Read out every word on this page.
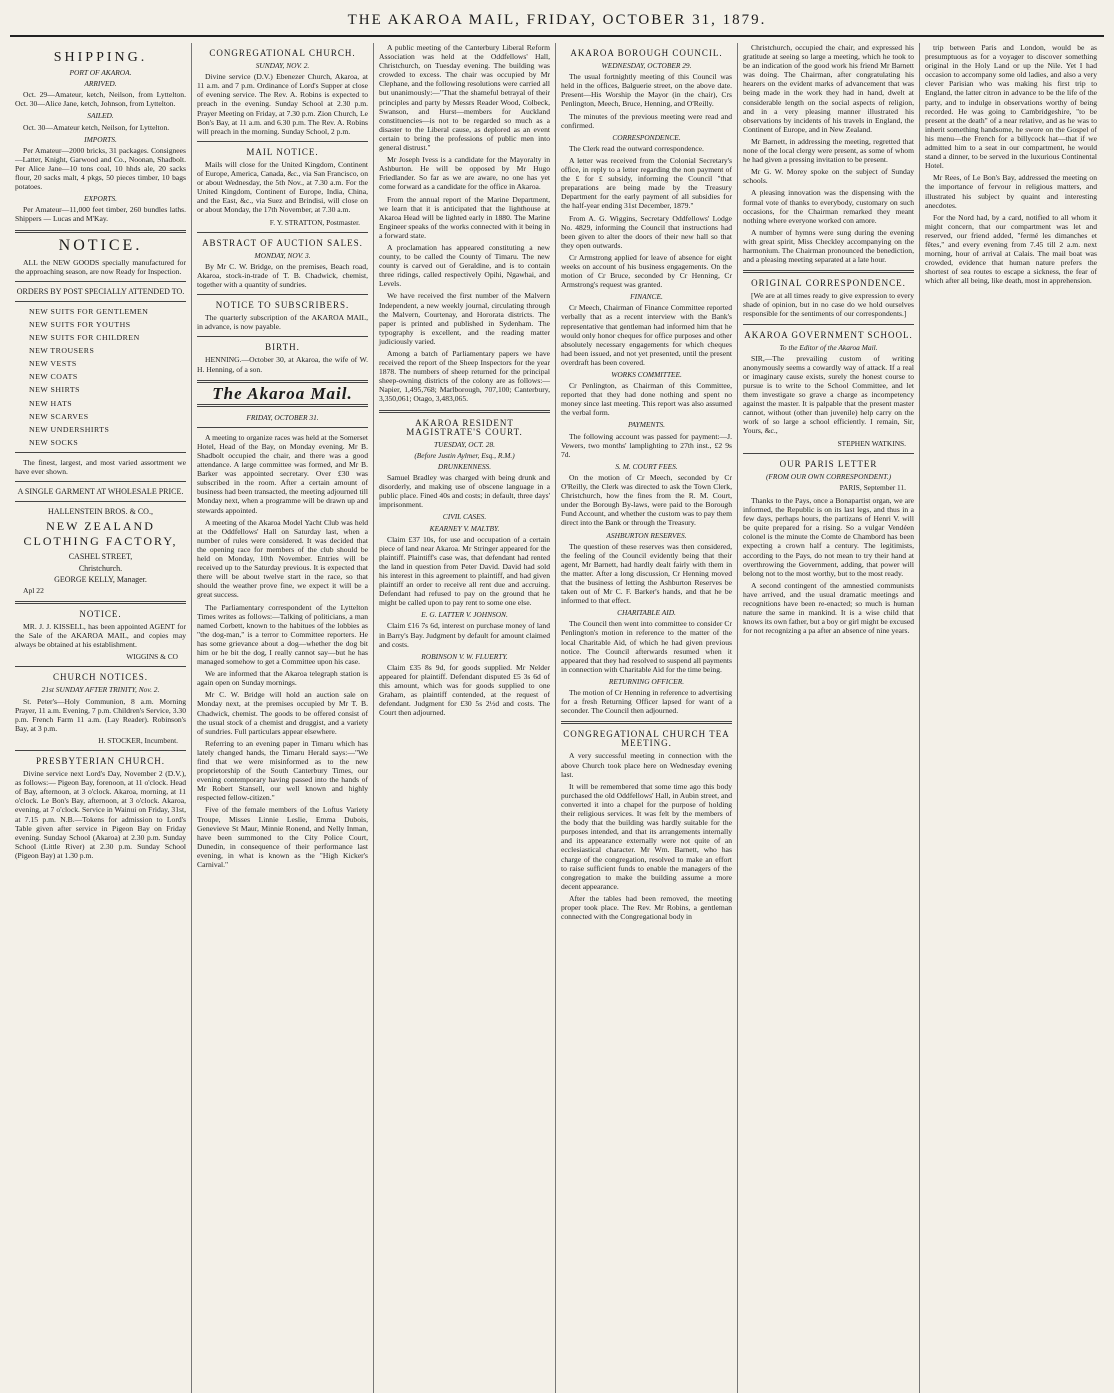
THE AKAROA MAIL, FRIDAY, OCTOBER 31, 1879.
SHIPPING.
PORT OF AKAROA.
ARRIVED.
Oct. 29—Amateur, ketch, Neilson, from Lyttelton. Oct. 30—Alice Jane, ketch, Johnson, from Lyttelton.
SAILED.
Oct. 30—Amateur ketch, Neilson, for Lyttelton.
IMPORTS.
Per Amateur—2000 bricks, 31 packages. Consignees—Latter, Knight, Garwood and Co., Noonan, Shadbolt. Per Alice Jane—10 tons coal, 10 hhds ale, 20 sacks flour, 20 sacks malt, 4 pkgs, 50 pieces timber, 10 bags potatoes.
EXPORTS.
Per Amateur—11,000 feet timber, 260 bundles laths. Shippers — Lucas and M'Kay.
NOTICE.
ALL the NEW GOODS specially manufactured for the approaching season, are now Ready for Inspection.
ORDERS BY POST SPECIALLY ATTENDED TO.
NEW SUITS FOR GENTLEMEN
NEW SUITS FOR YOUTHS
NEW SUITS FOR CHILDREN
NEW TROUSERS
NEW VESTS
NEW COATS
NEW SHIRTS
NEW HATS
NEW SCARVES
NEW UNDERSHIRTS
NEW SOCKS
The finest, largest, and most varied assortment we have ever shown.
A SINGLE GARMENT AT WHOLESALE PRICE.
HALLENSTEIN BROS. & CO.,
NEW ZEALAND
CLOTHING FACTORY,
CASHEL STREET,
Christchurch.
GEORGE KELLY, Manager.
Apl 22
NOTICE.
MR. J. J. KISSELL, has been appointed AGENT for the Sale of the AKAROA MAIL, and copies may always be obtained at his establishment.
WIGGINS & CO
CHURCH NOTICES.
21st SUNDAY AFTER TRINITY, Nov. 2.
St. Peter's—Holy Communion, 8 a.m. Morning Prayer, 11 a.m. Evening, 7 p.m. Children's Service, 3.30 p.m. French Farm 11 a.m. (Lay Reader). Robinson's Bay, at 3 p.m.
H. STOCKER, Incumbent.
PRESBYTERIAN CHURCH.
Divine service next Lord's Day, November 2 (D.V.), as follows:— Pigeon Bay, forenoon, at 11 o'clock. Head of Bay, afternoon, at 3 o'clock. Akaroa, morning, at 11 o'clock. Le Bon's Bay, afternoon, at 3 o'clock. Akaroa, evening, at 7 o'clock. Service in Wainui on Friday, 31st, at 7.15 p.m. N.B.—Tokens for admission to Lord's Table given after service in Pigeon Bay on Friday evening. Sunday School (Akaroa) at 2.30 p.m. Sunday School (Little River) at 2.30 p.m. Sunday School (Pigeon Bay) at 1.30 p.m.
CONGREGATIONAL CHURCH.
SUNDAY, NOV. 2.
Divine service (D.V.) Ebenezer Church, Akaroa, at 11 a.m. and 7 p.m. Ordinance of Lord's Supper at close of evening service. The Rev. A. Robins is expected to preach in the evening. Sunday School at 2.30 p.m. Prayer Meeting on Friday, at 7.30 p.m. Zion Church, Le Bon's Bay, at 11 a.m. and 6.30 p.m. The Rev. A. Robins will preach in the morning. Sunday School, 2 p.m.
MAIL NOTICE.
Mails will close for the United Kingdom, Continent of Europe, America, Canada, &c., via San Francisco, on or about Wednesday, the 5th Nov., at 7.30 a.m. For the United Kingdom, Continent of Europe, India, China, and the East, &c., via Suez and Brindisi, will close on or about Monday, the 17th November, at 7.30 a.m.
F. Y. STRATTON, Postmaster.
ABSTRACT OF AUCTION SALES.
MONDAY, NOV. 3.
By Mr C. W. Bridge, on the premises, Beach road, Akaroa, stock-in-trade of T. B. Chadwick, chemist, together with a quantity of sundries.
NOTICE TO SUBSCRIBERS.
The quarterly subscription of the AKAROA MAIL, in advance, is now payable.
BIRTH.
HENNING.—October 30, at Akaroa, the wife of W. H. Henning, of a son.
The Akaroa Mail.
FRIDAY, OCTOBER 31.
A meeting to organize races was held at the Somerset Hotel, Head of the Bay, on Monday evening. Mr B. Shadbolt occupied the chair, and there was a good attendance. A large committee was formed, and Mr B. Barker was appointed secretary. Over £30 was subscribed in the room. After a certain amount of business had been transacted, the meeting adjourned till Monday next, when a programme will be drawn up and stewards appointed.
A meeting of the Akaroa Model Yacht Club was held at the Oddfellows' Hall on Saturday last, when a number of rules were considered. It was decided that the opening race for members of the club should be held on Monday, 10th November. Entries will be received up to the Saturday previous. It is expected that there will be about twelve start in the race, so that should the weather prove fine, we expect it will be a great success.
The Parliamentary correspondent of the Lyttelton Times writes as follows:—Talking of politicians, a man named Corbett, known to the habitues of the lobbies as "the dog-man," is a terror to Committee reporters. He has some grievance about a dog—whether the dog bit him or he bit the dog, I really cannot say—but he has managed somehow to get a Committee upon his case.
We are informed that the Akaroa telegraph station is again open on Sunday mornings.
Mr C. W. Bridge will hold an auction sale on Monday next, at the premises occupied by Mr T. B. Chadwick, chemist. The goods to be offered consist of the usual stock of a chemist and druggist, and a variety of sundries. Full particulars appear elsewhere.
Referring to an evening paper in Timaru which has lately changed hands, the Timaru Herald says:—"We find that we were misinformed as to the new proprietorship of the South Canterbury Times, our evening contemporary having passed into the hands of Mr Robert Stansell, our well known and highly respected fellow-citizen."
Five of the female members of the Loftus Variety Troupe, Misses Linnie Leslie, Emma Dubois, Genevieve St Maur, Minnie Ronend, and Nelly Inman, have been summoned to the City Police Court, Dunedin, in consequence of their performance last evening, in what is known as the "High Kicker's Carnival."
A public meeting of the Canterbury Liberal Reform Association was held at the Oddfellows' Hall, Christchurch, on Tuesday evening. The building was crowded to excess. The chair was occupied by Mr Clephane, and the following resolutions were carried all but unanimously:—"That the shameful betrayal of their principles and party by Messrs Reader Wood, Colbeck, Swanson, and Hurst—members for Auckland constituencies—is not to be regarded so much as a disaster to the Liberal cause, as deplored as an event certain to bring the professions of public men into general distrust."
Mr Joseph Ivess is a candidate for the Mayoralty in Ashburton. He will be opposed by Mr Hugo Friedlander. So far as we are aware, no one has yet come forward as a candidate for the office in Akaroa.
From the annual report of the Marine Department, we learn that it is anticipated that the lighthouse at Akaroa Head will be lighted early in 1880. The Marine Engineer speaks of the works connected with it being in a forward state.
A proclamation has appeared constituting a new county, to be called the County of Timaru. The new county is carved out of Geraldine, and is to contain three ridings, called respectively Opihi, Ngawhai, and Levels.
We have received the first number of the Malvern Independent, a new weekly journal, circulating through the Malvern, Courtenay, and Hororata districts. The paper is printed and published in Sydenham. The typography is excellent, and the reading matter judiciously varied.
Among a batch of Parliamentary papers we have received the report of the Sheep Inspectors for the year 1878. The numbers of sheep returned for the principal sheep-owning districts of the colony are as follows:—Napier, 1,495,768; Marlborough, 707,100; Canterbury, 3,350,061; Otago, 3,483,065.
AKAROA RESIDENT MAGISTRATE'S COURT.
TUESDAY, OCT. 28.
(Before Justin Aylmer, Esq., R.M.)
DRUNKENNESS.
Samuel Bradley was charged with being drunk and disorderly, and making use of obscene language in a public place. Fined 40s and costs; in default, three days' imprisonment.
CIVIL CASES.
KEARNEY V. MALTBY.
Claim £37 10s, for use and occupation of a certain piece of land near Akaroa. Mr Stringer appeared for the plaintiff. Plaintiff's case was, that defendant had rented the land in question from Peter David. David had sold his interest in this agreement to plaintiff, and had given plaintiff an order to receive all rent due and accruing. Defendant had refused to pay on the ground that he might be called upon to pay rent to some one else.
E. G. LATTER V. JOHNSON.
Claim £16 7s 6d, interest on purchase money of land in Barry's Bay. Judgment by default for amount claimed and costs.
ROBINSON V. W. FLUERTY.
Claim £35 8s 9d, for goods supplied. Mr Nelder appeared for plaintiff. Defendant disputed £5 3s 6d of this amount, which was for goods supplied to one Graham, as plaintiff contended, at the request of defendant. Judgment for £30 5s 2½d and costs. The Court then adjourned.
AKAROA BOROUGH COUNCIL.
WEDNESDAY, OCTOBER 29.
The usual fortnightly meeting of this Council was held in the offices, Balguerie street, on the above date. Present—His Worship the Mayor (in the chair), Crs Penlington, Meech, Bruce, Henning, and O'Reilly.
The minutes of the previous meeting were read and confirmed.
CORRESPONDENCE.
The Clerk read the outward correspondence.
A letter was received from the Colonial Secretary's office, in reply to a letter regarding the non payment of the £ for £ subsidy, informing the Council "that preparations are being made by the Treasury Department for the early payment of all subsidies for the half-year ending 31st December, 1879."
From A. G. Wiggins, Secretary Oddfellows' Lodge No. 4829, informing the Council that instructions had been given to alter the doors of their new hall so that they open outwards.
Cr Armstrong applied for leave of absence for eight weeks on account of his business engagements. On the motion of Cr Bruce, seconded by Cr Henning, Cr Armstrong's request was granted.
FINANCE.
Cr Meech, Chairman of Finance Committee reported verbally that as a recent interview with the Bank's representative that gentleman had informed him that he would only honor cheques for office purposes and other absolutely necessary engagements for which cheques had been issued, and not yet presented, until the present overdraft has been covered.
WORKS COMMITTEE.
Cr Penlington, as Chairman of this Committee, reported that they had done nothing and spent no money since last meeting. This report was also assumed the verbal form.
PAYMENTS.
The following account was passed for payment:—J. Vewers, two months' lamplighting to 27th inst., £2 9s 7d.
S. M. COURT FEES.
On the motion of Cr Meech, seconded by Cr O'Reilly, the Clerk was directed to ask the Town Clerk, Christchurch, how the fines from the R. M. Court, under the Borough By-laws, were paid to the Borough Fund Account, and whether the custom was to pay them direct into the Bank or through the Treasury.
ASHBURTON RESERVES.
The question of these reserves was then considered, the feeling of the Council evidently being that their agent, Mr Barnett, had hardly dealt fairly with them in the matter. After a long discussion, Cr Henning moved that the business of letting the Ashburton Reserves be taken out of Mr C. F. Barker's hands, and that he be informed to that effect.
CHARITABLE AID.
The Council then went into committee to consider Cr Penlington's motion in reference to the matter of the local Charitable Aid, of which he had given previous notice. The Council afterwards resumed when it appeared that they had resolved to suspend all payments in connection with Charitable Aid for the time being.
RETURNING OFFICER.
The motion of Cr Henning in reference to advertising for a fresh Returning Officer lapsed for want of a seconder. The Council then adjourned.
CONGREGATIONAL CHURCH TEA MEETING.
A very successful meeting in connection with the above Church took place here on Wednesday evening last.
It will be remembered that some time ago this body purchased the old Oddfellows' Hall, in Aubin street, and converted it into a chapel for the purpose of holding their religious services. It was felt by the members of the body that the building was hardly suitable for the purposes intended, and that its arrangements internally and its appearance externally were not quite of an ecclesiastical character. Mr Wm. Barnett, who has charge of the congregation, resolved to make an effort to raise sufficient funds to enable the managers of the congregation to make the building assume a more decent appearance.
After the tables had been removed, the meeting proper took place. The Rev. Mr Robins, a gentleman connected with the Congregational body in
Christchurch, occupied the chair, and expressed his gratitude at seeing so large a meeting, which he took to be an indication of the good work his friend Mr Barnett was doing. The Chairman, after congratulating his hearers on the evident marks of advancement that was being made in the work they had in hand, dwelt at considerable length on the social aspects of religion, and in a very pleasing manner illustrated his observations by incidents of his travels in England, the Continent of Europe, and in New Zealand.
Mr Barnett, in addressing the meeting, regretted that none of the local clergy were present, as some of whom he had given a pressing invitation to be present.
Mr G. W. Morey spoke on the subject of Sunday schools.
A pleasing innovation was the dispensing with the formal vote of thanks to everybody, customary on such occasions, for the Chairman remarked they meant nothing where everyone worked con amore.
A number of hymns were sung during the evening with great spirit, Miss Checkley accompanying on the harmonium. The Chairman pronounced the benediction, and a pleasing meeting separated at a late hour.
ORIGINAL CORRESPONDENCE.
[We are at all times ready to give expression to every shade of opinion, but in no case do we hold ourselves responsible for the sentiments of our correspondents.]
AKAROA GOVERNMENT SCHOOL.
To the Editor of the Akaroa Mail.
SIR,—The prevailing custom of writing anonymously seems a cowardly way of attack. If a real or imaginary cause exists, surely the honest course to pursue is to write to the School Committee, and let them investigate so grave a charge as incompetency against the master. It is palpable that the present master cannot, without (other than juvenile) help carry on the work of so large a school efficiently. I remain, Sir, Yours, &c.,
STEPHEN WATKINS.
OUR PARIS LETTER
(FROM OUR OWN CORRESPONDENT.)
PARIS, September 11.
Thanks to the Pays, once a Bonapartist organ, we are informed, the Republic is on its last legs, and thus in a few days, perhaps hours, the partizans of Henri V. will be quite prepared for a rising. So a vulgar Vendéen colonel is the minute the Comte de Chambord has been expecting a crown half a century. The legitimists, according to the Pays, do not mean to try their hand at overthrowing the Government, adding, that power will belong not to the most worthy, but to the most ready.
A second contingent of the amnestied communists have arrived, and the usual dramatic meetings and recognitions have been re-enacted; so much is human nature the same in mankind. It is a wise child that knows its own father, but a boy or girl might be excused for not recognizing a pa after an absence of nine years.
trip between Paris and London, would be as presumptuous as for a voyager to discover something original in the Holy Land or up the Nile. Yet I had occasion to accompany some old ladies, and also a very clever Parisian who was making his first trip to England, the latter citron in advance to be the life of the party, and to indulge in observations worthy of being recorded. He was going to Cambridgeshire, "to be present at the death" of a near relative, and as he was to inherit something handsome, he swore on the Gospel of his menu—the French for a billycock hat—that if we admitted him to a seat in our compartment, he would stand a dinner, to be served in the luxurious Continental Hotel.
Mr Rees, of Le Bon's Bay, addressed the meeting on the importance of fervour in religious matters, and illustrated his subject by quaint and interesting anecdotes.
For the Nord had, by a card, notified to all whom it might concern, that our compartment was let and reserved, our friend added, "fermé les dimanches et fêtes," and every evening from 7.45 till 2 a.m. next morning, hour of arrival at Calais. The mail boat was crowded, evidence that human nature prefers the shortest of sea routes to escape a sickness, the fear of which after all being, like death, most in apprehension.
